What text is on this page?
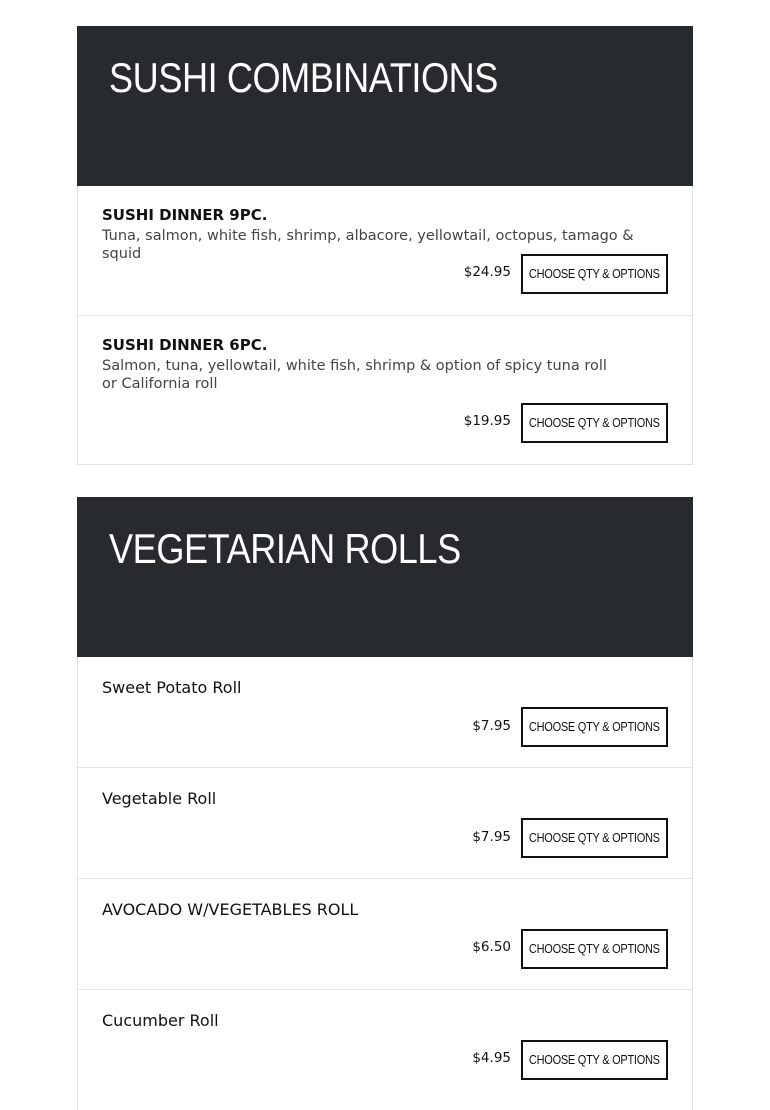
SUSHI COMBINATIONS
SUSHI DINNER 9PC.
Tuna, salmon, white fish, shrimp, albacore, yellowtail, octopus, tamago & squid
$24.95 CHOOSE QTY & OPTIONS
SUSHI DINNER 6PC.
Salmon, tuna, yellowtail, white fish, shrimp & option of spicy tuna roll or California roll
$19.95 CHOOSE QTY & OPTIONS
VEGETARIAN ROLLS
Sweet Potato Roll
$7.95 CHOOSE QTY & OPTIONS
Vegetable Roll
$7.95 CHOOSE QTY & OPTIONS
AVOCADO W/VEGETABLES ROLL
$6.50 CHOOSE QTY & OPTIONS
Cucumber Roll
$4.95 CHOOSE QTY & OPTIONS
